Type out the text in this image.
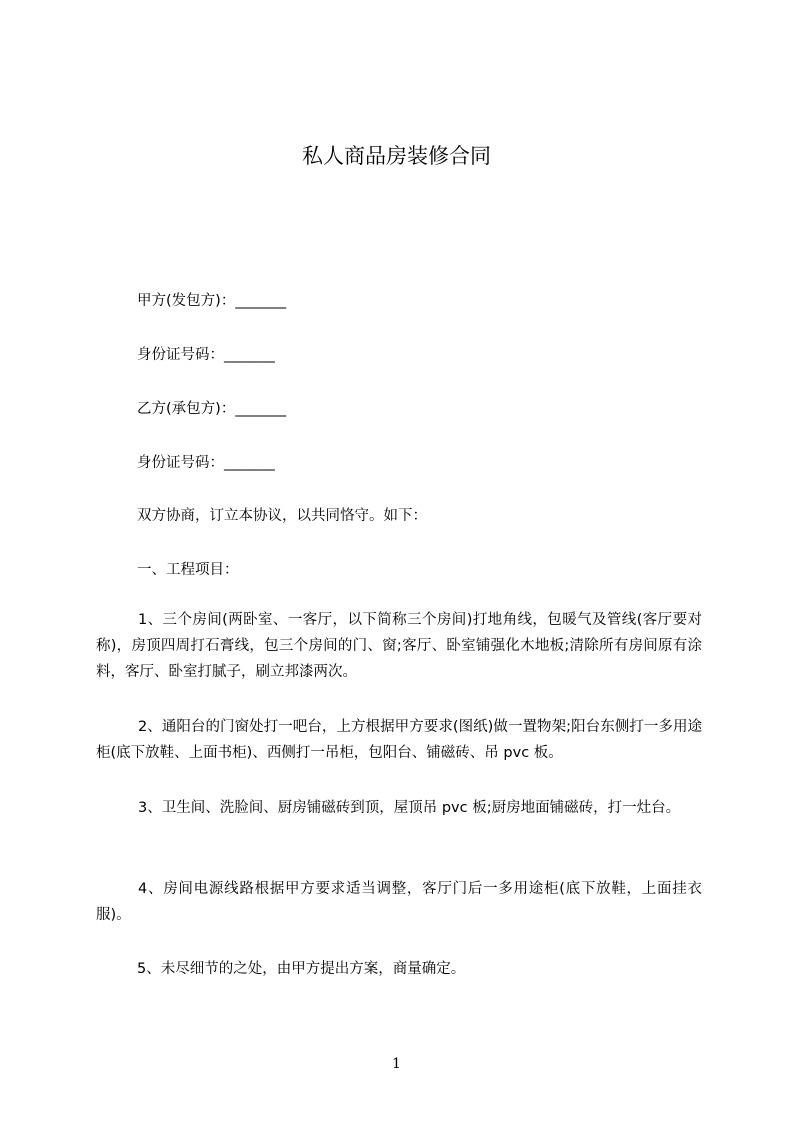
私人商品房装修合同

甲方(发包方)：_______

身份证号码：_______

乙方(承包方)：_______

身份证号码：_______

双方协商，订立本协议，以共同恪守。如下：

一、工程项目：

1、三个房间(两卧室、一客厅，以下简称三个房间)打地角线，包暖气及管线(客厅要对称)，房顶四周打石膏线，包三个房间的门、窗;客厅、卧室铺强化木地板;清除所有房间原有涂料，客厅、卧室打腻子，刷立邦漆两次。

2、通阳台的门窗处打一吧台，上方根据甲方要求(图纸)做一置物架;阳台东侧打一多用途柜(底下放鞋、上面书柜)、西侧打一吊柜，包阳台、铺磁砖、吊 pvc 板。

3、卫生间、洗脸间、厨房铺磁砖到顶，屋顶吊 pvc 板;厨房地面铺磁砖，打一灶台。

4、房间电源线路根据甲方要求适当调整，客厅门后一多用途柜(底下放鞋，上面挂衣服)。

5、未尽细节的之处，由甲方提出方案，商量确定。

1
